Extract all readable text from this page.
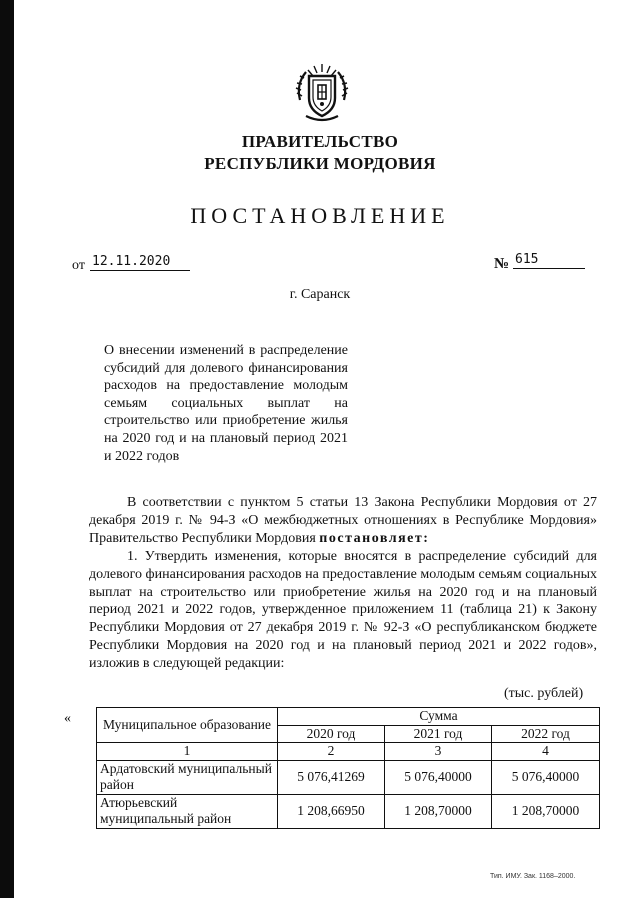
ПРАВИТЕЛЬСТВО
РЕСПУБЛИКИ МОРДОВИЯ
ПОСТАНОВЛЕНИЕ
от 12.11.2020	№ 615
г. Саранск
О внесении изменений в распределение субсидий для долевого финансирования расходов на предоставление молодым семьям социальных выплат на строительство или приобретение жилья на 2020 год и на плановый период 2021 и 2022 годов

В соответствии с пунктом 5 статьи 13 Закона Республики Мордовия от 27 декабря 2019 г. № 94-З «О межбюджетных отношениях в Республике Мордовия» Правительство Республики Мордовия постановляет:

1. Утвердить изменения, которые вносятся в распределение субсидий для долевого финансирования расходов на предоставление молодым семьям социальных выплат на строительство или приобретение жилья на 2020 год и на плановый период 2021 и 2022 годов, утвержденное приложением 11 (таблица 21) к Закону Республики Мордовия от 27 декабря 2019 г. № 92-З «О республиканском бюджете Республики Мордовия на 2020 год и на плановый период 2021 и 2022 годов», изложив в следующей редакции:

(тыс. рублей)
« Муниципальное образование	Сумма		
	2020 год	2021 год	2022 год
1	2	3	4
Ардатовский муниципальный район	5 076,41269	5 076,40000	5 076,40000
Атюрьевский муниципальный район	1 208,66950	1 208,70000	1 208,70000
Тип. ИМУ. Зак. 1168–2000.
